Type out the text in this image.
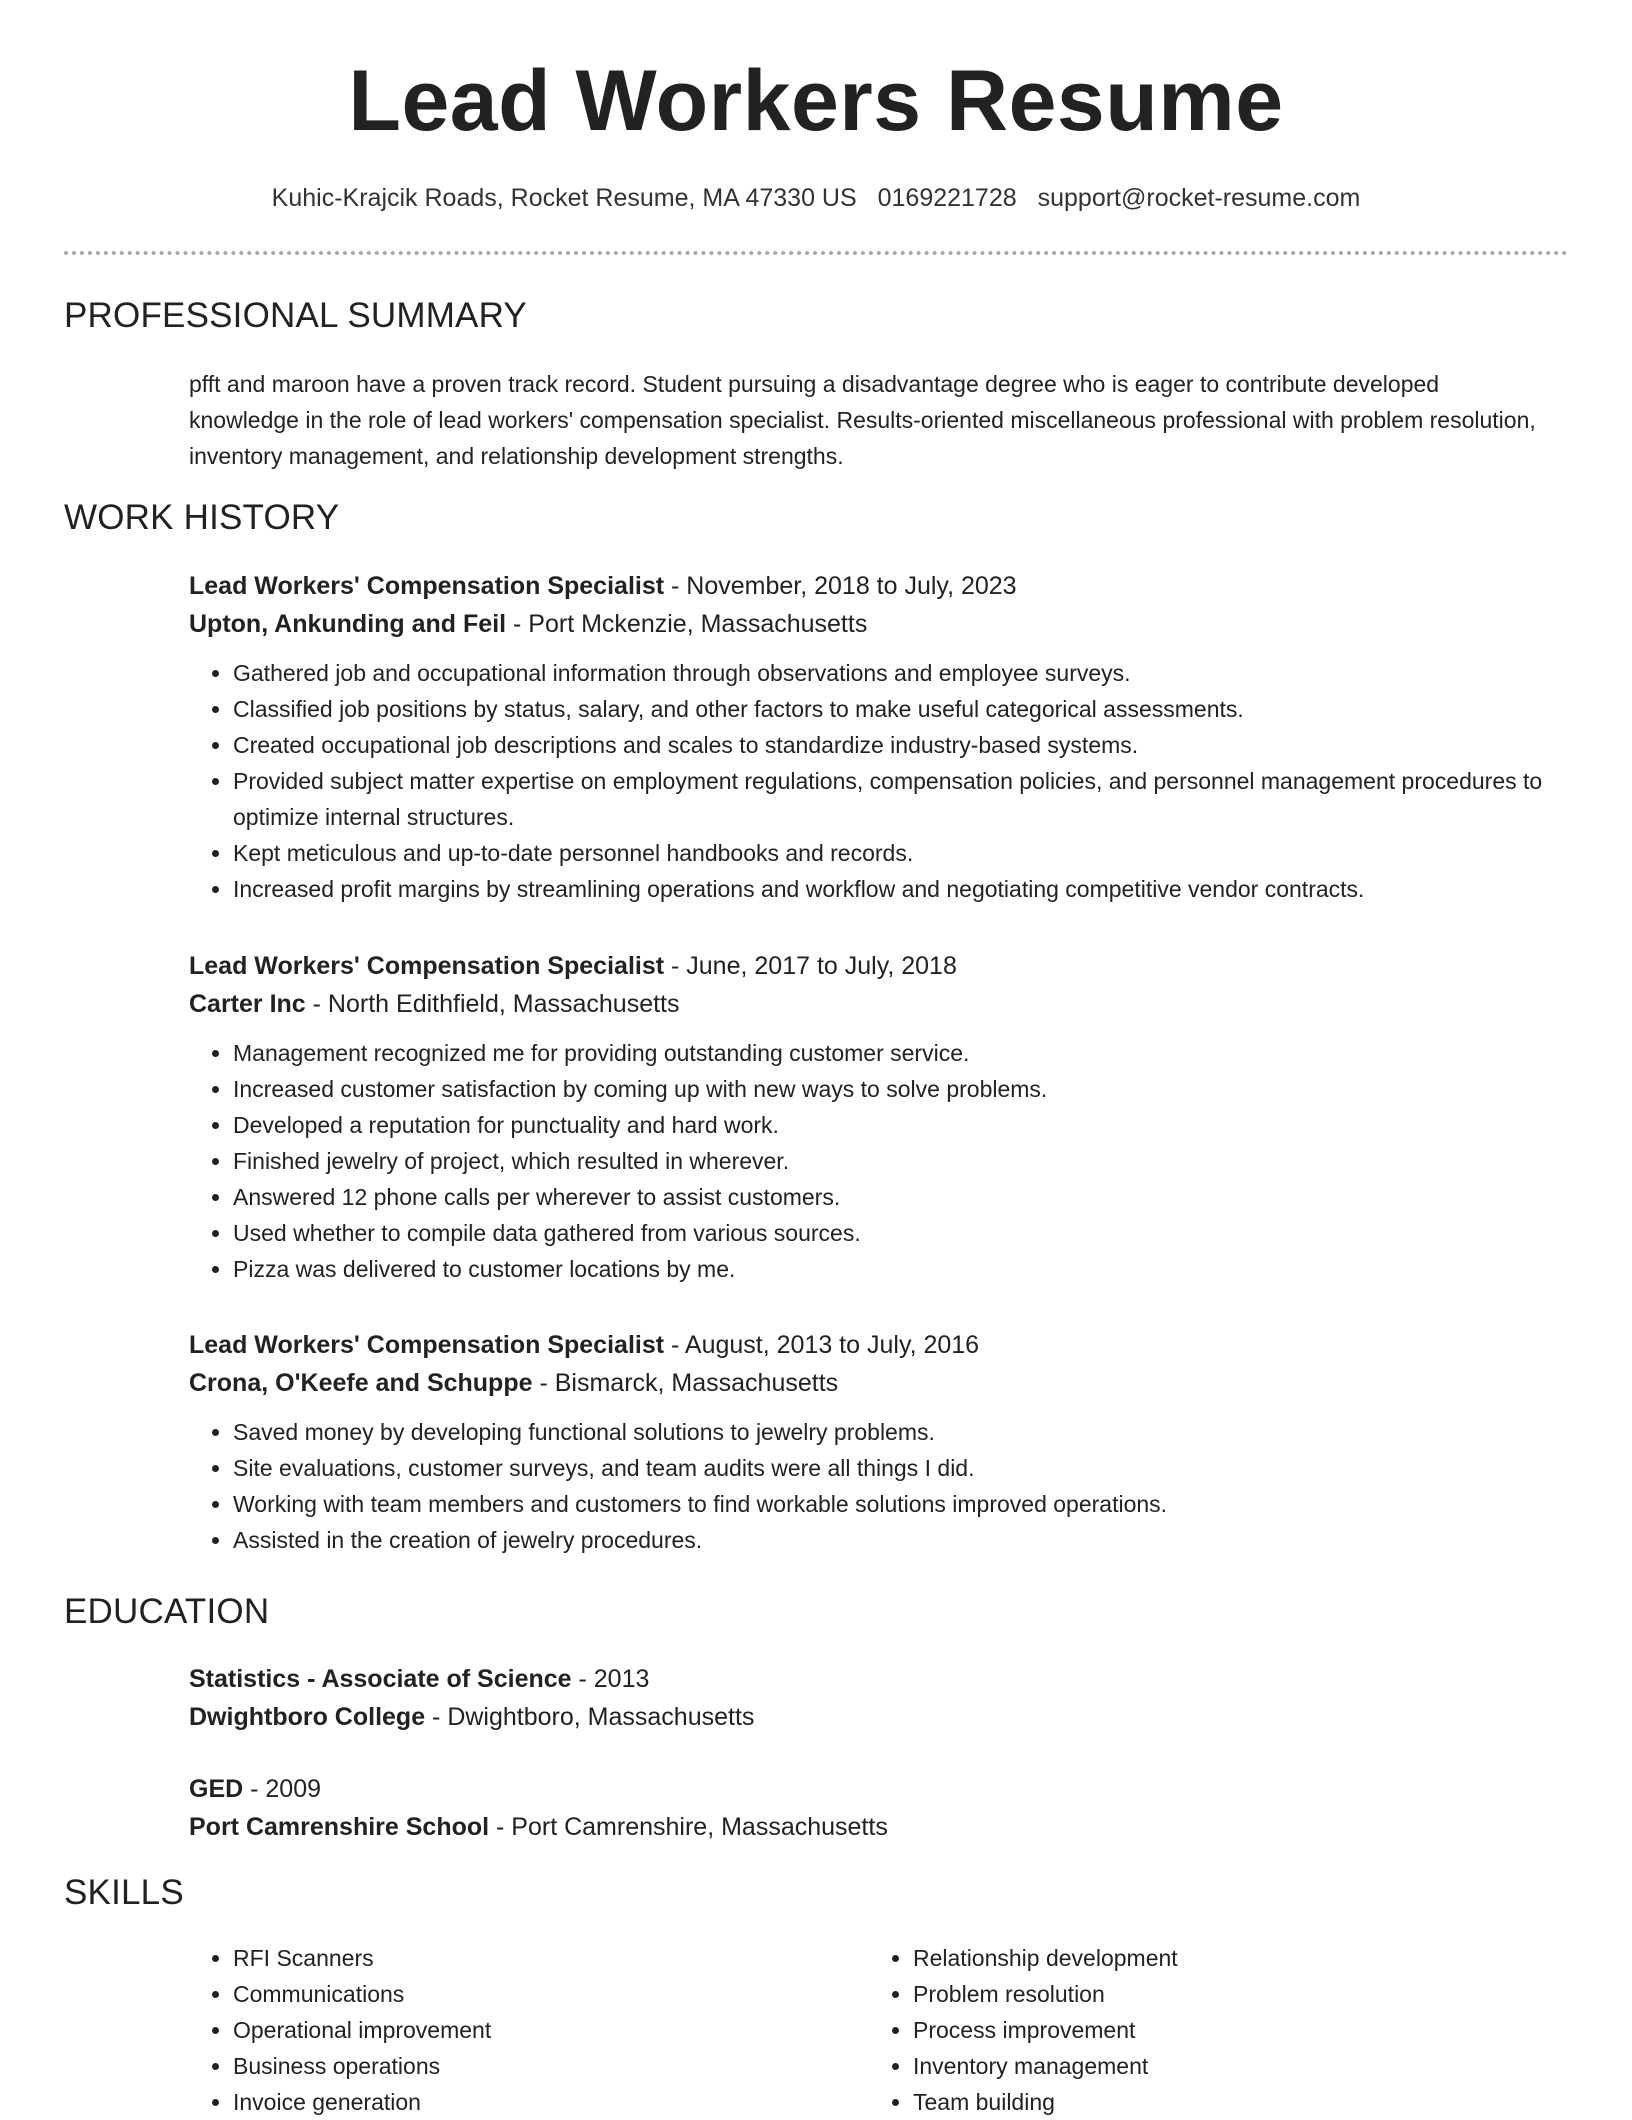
Lead Workers Resume
Kuhic-Krajcik Roads, Rocket Resume, MA 47330 US 0169221728 support@rocket-resume.com
PROFESSIONAL SUMMARY

pfft and maroon have a proven track record. Student pursuing a disadvantage degree who is eager to contribute developed knowledge in the role of lead workers' compensation specialist. Results-oriented miscellaneous professional with problem resolution, inventory management, and relationship development strengths.

WORK HISTORY
Lead Workers' Compensation Specialist - November, 2018 to July, 2023
Upton, Ankunding and Feil - Port Mckenzie, Massachusetts
• Gathered job and occupational information through observations and employee surveys.
• Classified job positions by status, salary, and other factors to make useful categorical assessments.
• Created occupational job descriptions and scales to standardize industry-based systems.
• Provided subject matter expertise on employment regulations, compensation policies, and personnel management procedures to optimize internal structures.
• Kept meticulous and up-to-date personnel handbooks and records.
• Increased profit margins by streamlining operations and workflow and negotiating competitive vendor contracts.
Lead Workers' Compensation Specialist - June, 2017 to July, 2018
Carter Inc - North Edithfield, Massachusetts
• Management recognized me for providing outstanding customer service.
• Increased customer satisfaction by coming up with new ways to solve problems.
• Developed a reputation for punctuality and hard work.
• Finished jewelry of project, which resulted in wherever.
• Answered 12 phone calls per wherever to assist customers.
• Used whether to compile data gathered from various sources.
• Pizza was delivered to customer locations by me.
Lead Workers' Compensation Specialist - August, 2013 to July, 2016
Crona, O'Keefe and Schuppe - Bismarck, Massachusetts
• Saved money by developing functional solutions to jewelry problems.
• Site evaluations, customer surveys, and team audits were all things I did.
• Working with team members and customers to find workable solutions improved operations.
• Assisted in the creation of jewelry procedures.
EDUCATION
Statistics - Associate of Science - 2013
Dwightboro College - Dwightboro, Massachusetts
GED - 2009
Port Camrenshire School - Port Camrenshire, Massachusetts
SKILLS
• RFI Scanners
• Communications
• Operational improvement
• Business operations
• Invoice generation
• Relationship development
• Problem resolution
• Process improvement
• Inventory management
• Team building
